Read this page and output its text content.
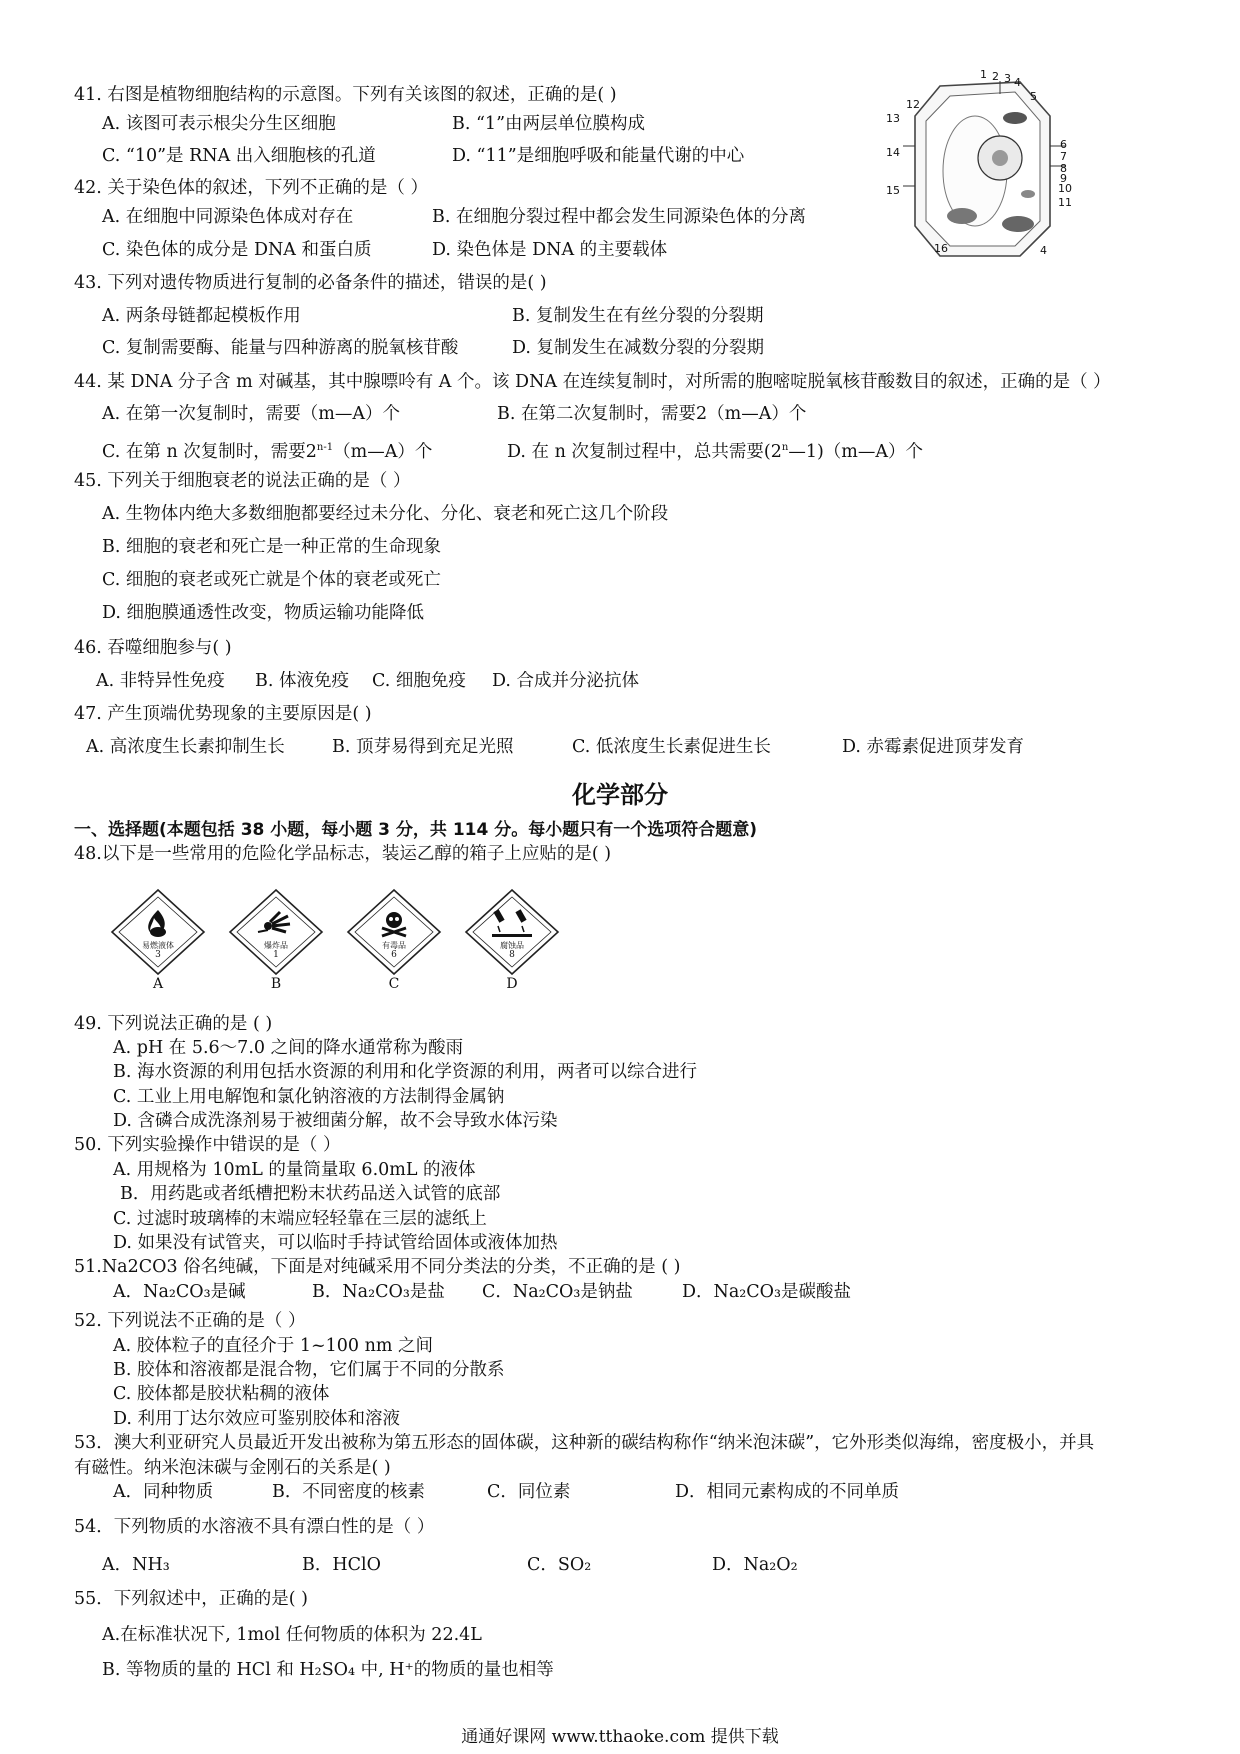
41. 右图是植物细胞结构的示意图。下列有关该图的叙述，正确的是( )
A. 该图可表示根尖分生区细胞	B. “1”由两层单位膜构成
C. “10”是 RNA 出入细胞核的孔道	D. “11”是细胞呼吸和能量代谢的中心
1 2 3 4
5
6
7
8
9
10
11
12
13
14
15
16	4
42. 关于染色体的叙述，下列不正确的是（ ）
A. 在细胞中同源染色体成对存在	B. 在细胞分裂过程中都会发生同源染色体的分离
C. 染色体的成分是 DNA 和蛋白质	D. 染色体是 DNA 的主要载体
43. 下列对遗传物质进行复制的必备条件的描述，错误的是( )
A. 两条母链都起模板作用	B. 复制发生在有丝分裂的分裂期
C. 复制需要酶、能量与四种游离的脱氧核苷酸	D. 复制发生在减数分裂的分裂期
44. 某 DNA 分子含 m 对碱基，其中腺嘌呤有 A 个。该 DNA 在连续复制时，对所需的胞嘧啶脱氧核苷酸数目的叙述，正确的是（ ）
A. 在第一次复制时，需要（m—A）个	B. 在第二次复制时，需要2（m—A）个
C. 在第 n 次复制时，需要2$^{n-1}$（m—A）个	D. 在 n 次复制过程中，总共需要(2$^n$—1)（m—A）个
45. 下列关于细胞衰老的说法正确的是（ ）
A. 生物体内绝大多数细胞都要经过未分化、分化、衰老和死亡这几个阶段
B. 细胞的衰老和死亡是一种正常的生命现象
C. 细胞的衰老或死亡就是个体的衰老或死亡
D. 细胞膜通透性改变，物质运输功能降低
46. 吞噬细胞参与( )
A. 非特异性免疫 B. 体液免疫 C. 细胞免疫 D. 合成并分泌抗体
47. 产生顶端优势现象的主要原因是( )
A. 高浓度生长素抑制生长	B. 顶芽易得到充足光照	C. 低浓度生长素促进生长	D. 赤霉素促进顶芽发育
化学部分
一、选择题(本题包括 38 小题，每小题 3 分，共 114 分。每小题只有一个选项符合题意)
48.以下是一些常用的危险化学品标志，装运乙醇的箱子上应贴的是( )
易燃液体
3
A
爆炸品
1
B
有毒品
6
C
腐蚀品
8
D
49. 下列说法正确的是 ( )
A. pH 在 5.6～7.0 之间的降水通常称为酸雨
B. 海水资源的利用包括水资源的利用和化学资源的利用，两者可以综合进行
C. 工业上用电解饱和氯化钠溶液的方法制得金属钠
D. 含磷合成洗涤剂易于被细菌分解，故不会导致水体污染
50. 下列实验操作中错误的是（ ）
A. 用规格为 10mL 的量筒量取 6.0mL 的液体
B．用药匙或者纸槽把粉末状药品送入试管的底部
C. 过滤时玻璃棒的末端应轻轻靠在三层的滤纸上
D. 如果没有试管夹，可以临时手持试管给固体或液体加热
51.Na2CO3 俗名纯碱，下面是对纯碱采用不同分类法的分类，不正确的是 ( )
A．Na₂CO₃是碱	B．Na₂CO₃是盐 C．Na₂CO₃是钠盐	D．Na₂CO₃是碳酸盐
52. 下列说法不正确的是（ ）
A. 胶体粒子的直径介于 1~100 nm 之间
B. 胶体和溶液都是混合物，它们属于不同的分散系
C. 胶体都是胶状粘稠的液体
D. 利用丁达尔效应可鉴别胶体和溶液
53．澳大利亚研究人员最近开发出被称为第五形态的固体碳，这种新的碳结构称作“纳米泡沫碳”，它外形类似海绵，密度极小，并具
有磁性。纳米泡沫碳与金刚石的关系是( )
A．同种物质	B．不同密度的核素	C．同位素	D．相同元素构成的不同单质
54．下列物质的水溶液不具有漂白性的是（ ）
A．NH₃	B．HClO	C．SO₂	D．Na₂O₂
55．下列叙述中，正确的是( )
A.在标准状况下, 1mol 任何物质的体积为 22.4L
B. 等物质的量的 HCl 和 H₂SO₄ 中, H⁺的物质的量也相等
通通好课网 www.tthaoke.com 提供下载
